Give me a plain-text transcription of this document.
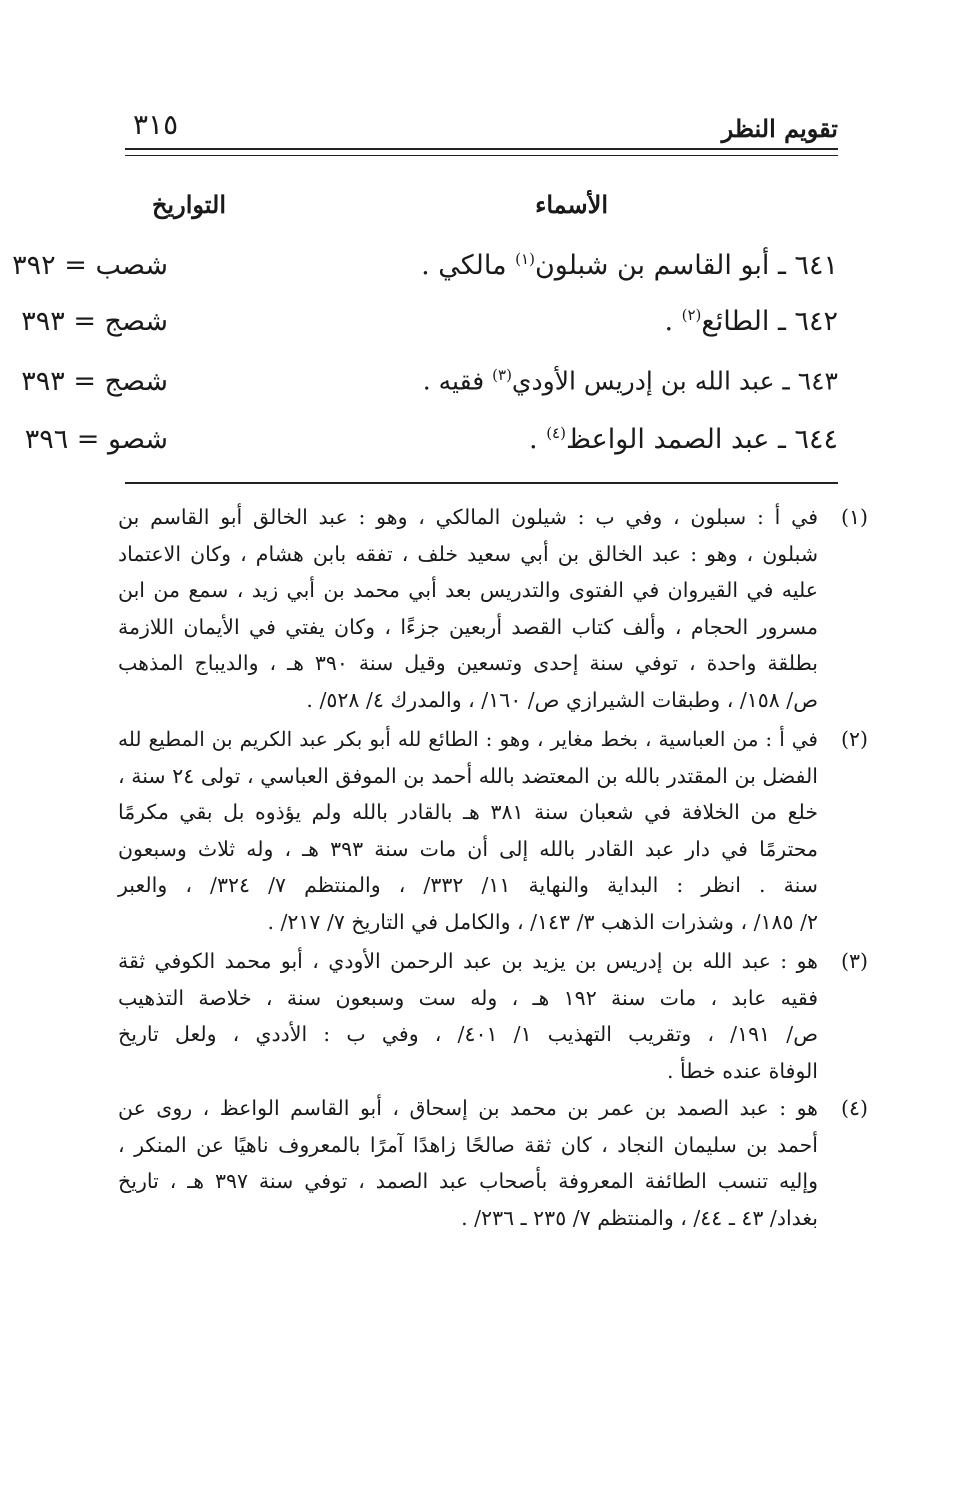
تقويم النظر
٣١٥
الأسماء
التواريخ
٦٤١ ـ أبو القاسم بن شبلون$^{(١)}$ مالكي .
شصب = ٣٩٢
٦٤٢ ـ الطائع$^{(٢)}$ .
شصج = ٣٩٣
٦٤٣ ـ عبد الله بن إدريس الأودي$^{(٣)}$ فقيه .
شصج = ٣٩٣
٦٤٤ ـ عبد الصمد الواعظ$^{(٤)}$ .
شصو = ٣٩٦
(١)
في أ : سبلون ، وفي ب : شيلون المالكي ، وهو : عبد الخالق أبو القاسم بن
شبلون ، وهو : عبد الخالق بن أبي سعيد خلف ، تفقه بابن هشام ، وكان الاعتماد
عليه في القيروان في الفتوى والتدريس بعد أبي محمد بن أبي زيد ، سمع من ابن
مسرور الحجام ، وألف كتاب القصد أربعين جزءًا ، وكان يفتي في الأيمان اللازمة
بطلقة واحدة ، توفي سنة إحدى وتسعين وقيل سنة ٣٩٠ هـ ، والديباج المذهب
ص/ ١٥٨/ ، وطبقات الشيرازي ص/ ١٦٠/ ، والمدرك ٤/ ٥٢٨/ .
(٢)
في أ : من العباسية ، بخط مغاير ، وهو : الطائع لله أبو بكر عبد الكريم بن المطيع لله
الفضل بن المقتدر بالله بن المعتضد بالله أحمد بن الموفق العباسي ، تولى ٢٤ سنة ،
خلع من الخلافة في شعبان سنة ٣٨١ هـ بالقادر بالله ولم يؤذوه بل بقي مكرمًا
محترمًا في دار عبد القادر بالله إلى أن مات سنة ٣٩٣ هـ ، وله ثلاث وسبعون
سنة . انظر : البداية والنهاية ١١/ ٣٣٢/ ، والمنتظم ٧/ ٣٢٤/ ، والعبر
٢/ ١٨٥/ ، وشذرات الذهب ٣/ ١٤٣/ ، والكامل في التاريخ ٧/ ٢١٧/ .
(٣)
هو : عبد الله بن إدريس بن يزيد بن عبد الرحمن الأودي ، أبو محمد الكوفي ثقة
فقيه عابد ، مات سنة ١٩٢ هـ ، وله ست وسبعون سنة ، خلاصة التذهيب
ص/ ١٩١/ ، وتقريب التهذيب ١/ ٤٠١/ ، وفي ب : الأددي ، ولعل تاريخ
الوفاة عنده خطأ .
(٤)
هو : عبد الصمد بن عمر بن محمد بن إسحاق ، أبو القاسم الواعظ ، روى عن
أحمد بن سليمان النجاد ، كان ثقة صالحًا زاهدًا آمرًا بالمعروف ناهيًا عن المنكر ،
وإليه تنسب الطائفة المعروفة بأصحاب عبد الصمد ، توفي سنة ٣٩٧ هـ ، تاريخ
بغداد/ ٤٣ ـ ٤٤/ ، والمنتظم ٧/ ٢٣٥ ـ ٢٣٦/ .
